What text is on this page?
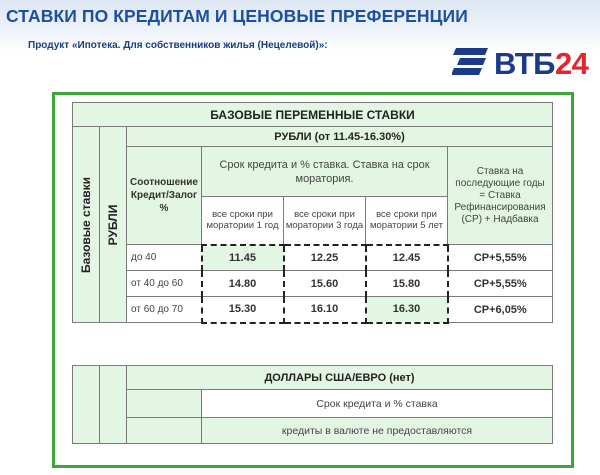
СТАВКИ ПО КРЕДИТАМ И ЦЕНОВЫЕ ПРЕФЕРЕНЦИИ
Продукт «Ипотека. Для собственников жилья (Нецелевой)»:
ВТБ24
БАЗОВЫЕ ПЕРЕМЕННЫЕ СТАВКИ						

Базовые ставки	РУБЛИ	РУБЛИ (от 11.45-16.30%)				
		Соотношение Кредит/Залог %	Срок кредита и % ставка. Ставка на срок моратория.			Ставка на последующие годы = Ставка Рефинансирования (СР) + Надбавка
			все сроки при моратории 1 год	все сроки при моратории 3 года	все сроки при моратории 5 лет	
		до 40	11.45	12.25	12.45	СР+5,55%
		от 40 до 60	14.80	15.60	15.80	СР+5,55%
		от 60 до 70	15.30	16.10	16.30	СР+6,05%
		ДОЛЛАРЫ США/ЕВРО (нет)	
			Срок кредита и % ставка
			кредиты в валюте не предоставляются
